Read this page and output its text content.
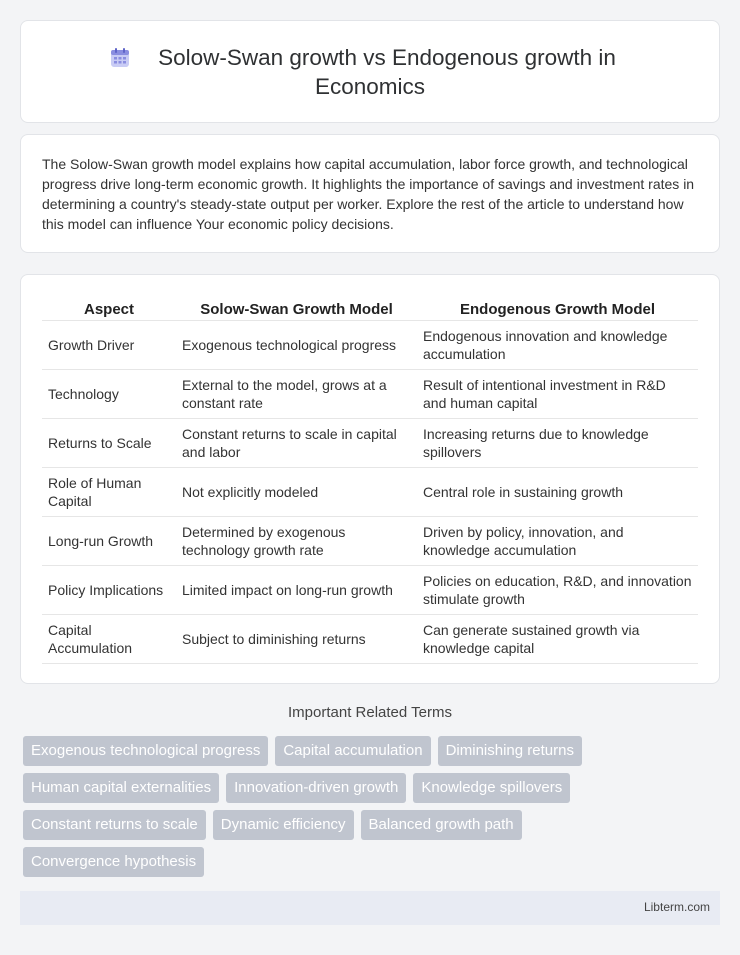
Solow-Swan growth vs Endogenous growth in
Economics

The Solow-Swan growth model explains how capital accumulation, labor force growth, and technological progress drive long-term economic growth. It highlights the importance of savings and investment rates in determining a country's steady-state output per worker. Explore the rest of the article to understand how this model can influence Your economic policy decisions.

Aspect	Solow-Swan Growth Model	Endogenous Growth Model
Growth Driver	Exogenous technological progress	Endogenous innovation and knowledge accumulation
Technology	External to the model, grows at a constant rate	Result of intentional investment in R&D and human capital
Returns to Scale	Constant returns to scale in capital and labor	Increasing returns due to knowledge spillovers
Role of Human Capital	Not explicitly modeled	Central role in sustaining growth
Long-run Growth	Determined by exogenous technology growth rate	Driven by policy, innovation, and knowledge accumulation
Policy Implications	Limited impact on long-run growth	Policies on education, R&D, and innovation stimulate growth
Capital Accumulation	Subject to diminishing returns	Can generate sustained growth via knowledge capital
Important Related Terms
Exogenous technological progress	Capital accumulation	Diminishing returns
Human capital externalities	Innovation-driven growth	Knowledge spillovers
Constant returns to scale	Dynamic efficiency	Balanced growth path
Convergence hypothesis
Libterm.com
